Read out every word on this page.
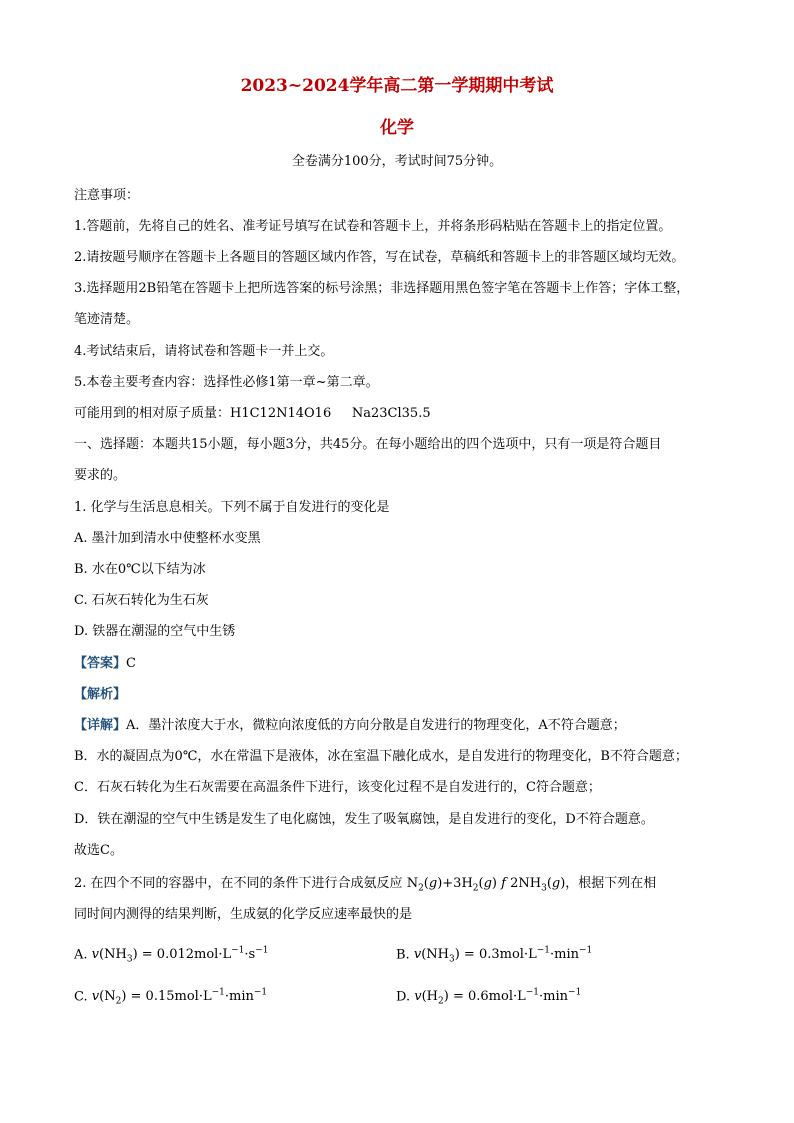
2023~2024学年高二第一学期期中考试
化学
全卷满分100分，考试时间75分钟。
注意事项：
1.答题前，先将自己的姓名、准考证号填写在试卷和答题卡上，并将条形码粘贴在答题卡上的指定位置。
2.请按题号顺序在答题卡上各题目的答题区域内作答，写在试卷，草稿纸和答题卡上的非答题区域均无效。
3.选择题用2B铅笔在答题卡上把所选答案的标号涂黑；非选择题用黑色签字笔在答题卡上作答；字体工整，
笔迹清楚。
4.考试结束后，请将试卷和答题卡一并上交。
5.本卷主要考查内容：选择性必修1第一章~第二章。
可能用到的相对原子质量：H1C12N14O16     Na23Cl35.5
一、选择题：本题共15小题，每小题3分，共45分。在每小题给出的四个选项中，只有一项是符合题目
要求的。
1. 化学与生活息息相关。下列不属于自发进行的变化是
A. 墨汁加到清水中使整杯水变黑
B. 水在0℃以下结为冰
C. 石灰石转化为生石灰
D. 铁器在潮湿的空气中生锈
【答案】C
【解析】
【详解】A．墨汁浓度大于水，微粒向浓度低的方向分散是自发进行的物理变化，A不符合题意；
B．水的凝固点为0℃，水在常温下是液体，冰在室温下融化成水，是自发进行的物理变化，B不符合题意；
C．石灰石转化为生石灰需要在高温条件下进行，该变化过程不是自发进行的，C符合题意；
D．铁在潮湿的空气中生锈是发生了电化腐蚀，发生了吸氧腐蚀，是自发进行的变化，D不符合题意。
故选C。
2. 在四个不同的容器中，在不同的条件下进行合成氨反应 $N_2(g)+3H_2(g)$ f $2NH_3(g)$，根据下列在相
同时间内测得的结果判断，生成氨的化学反应速率最快的是
A. $v(NH_3) = 0.012mol\cdot L^{-1}\cdot s^{-1}$	B. $v(NH_3) = 0.3mol\cdot L^{-1}\cdot\min^{-1}$
C. $v(N_2) = 0.15mol\cdot L^{-1}\cdot\min^{-1}$	D. $v(H_2) = 0.6mol\cdot L^{-1}\cdot\min^{-1}$
